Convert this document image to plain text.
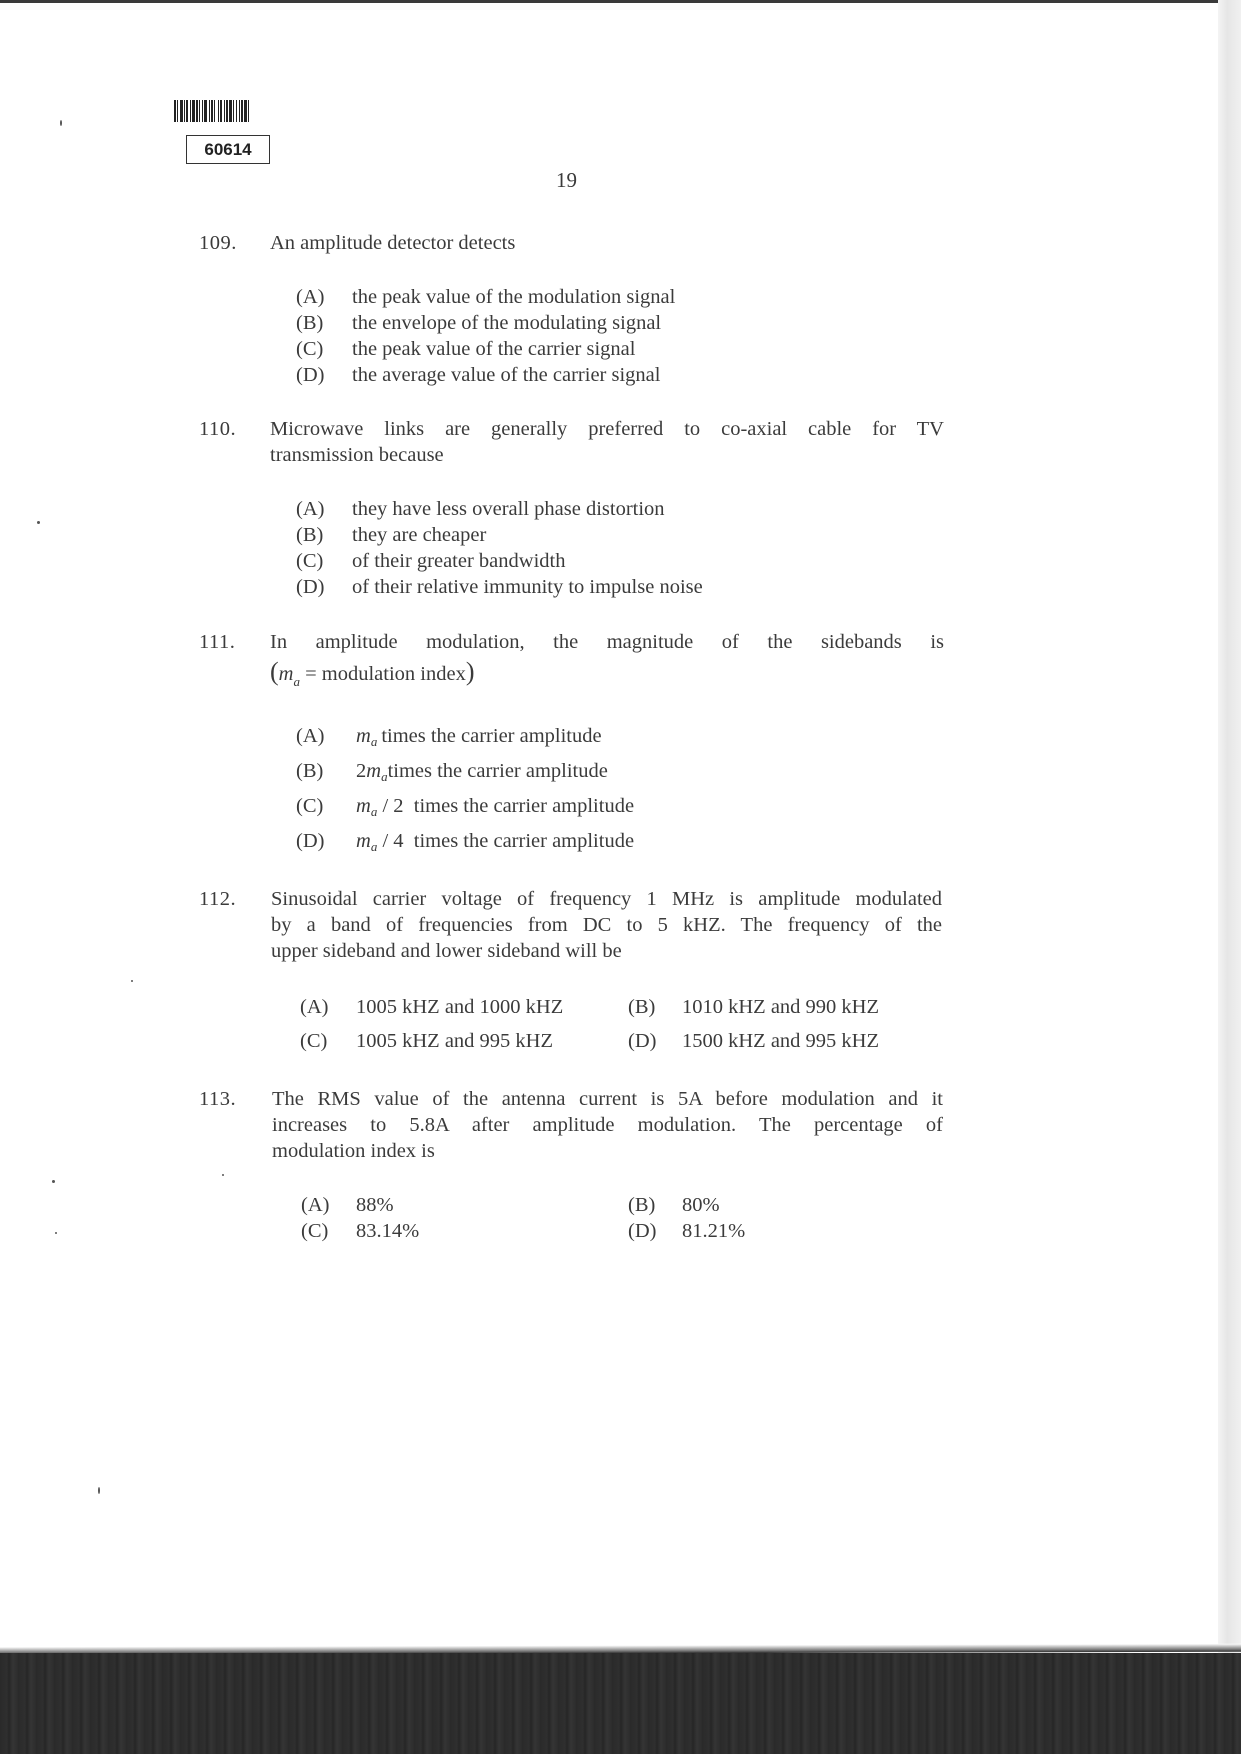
60614
19
109. An amplitude detector detects
(A)	the peak value of the modulation signal
(B)	the envelope of the modulating signal
(C)	the peak value of the carrier signal
(D)	the average value of the carrier signal
110. Microwave links are generally preferred to co-axial cable for TV
transmission because
(A)	they have less overall phase distortion
(B)	they are cheaper
(C)	of their greater bandwidth
(D)	of their relative immunity to impulse noise
111. In amplitude modulation, the magnitude of the sidebands is
($m_a$ = modulation index)
(A)	m a times the carrier amplitude
(B)	2 m a times the carrier amplitude
(C)	m a / 2  times the carrier amplitude
(D)	m a / 4  times the carrier amplitude
112. Sinusoidal carrier voltage of frequency 1 MHz is amplitude modulated
by a band of frequencies from DC to 5 kHZ. The frequency of the
upper sideband and lower sideband will be
(A)	1005 kHZ and 1000 kHZ	(B)	1010 kHZ and 990 kHZ
(C)	1005 kHZ and 995 kHZ	(D)	1500 kHZ and 995 kHZ
113. The RMS value of the antenna current is 5A before modulation and it
increases to 5.8A after amplitude modulation. The percentage of
modulation index is
(A)	88%	(B)	80%
(C)	83.14%	(D)	81.21%
